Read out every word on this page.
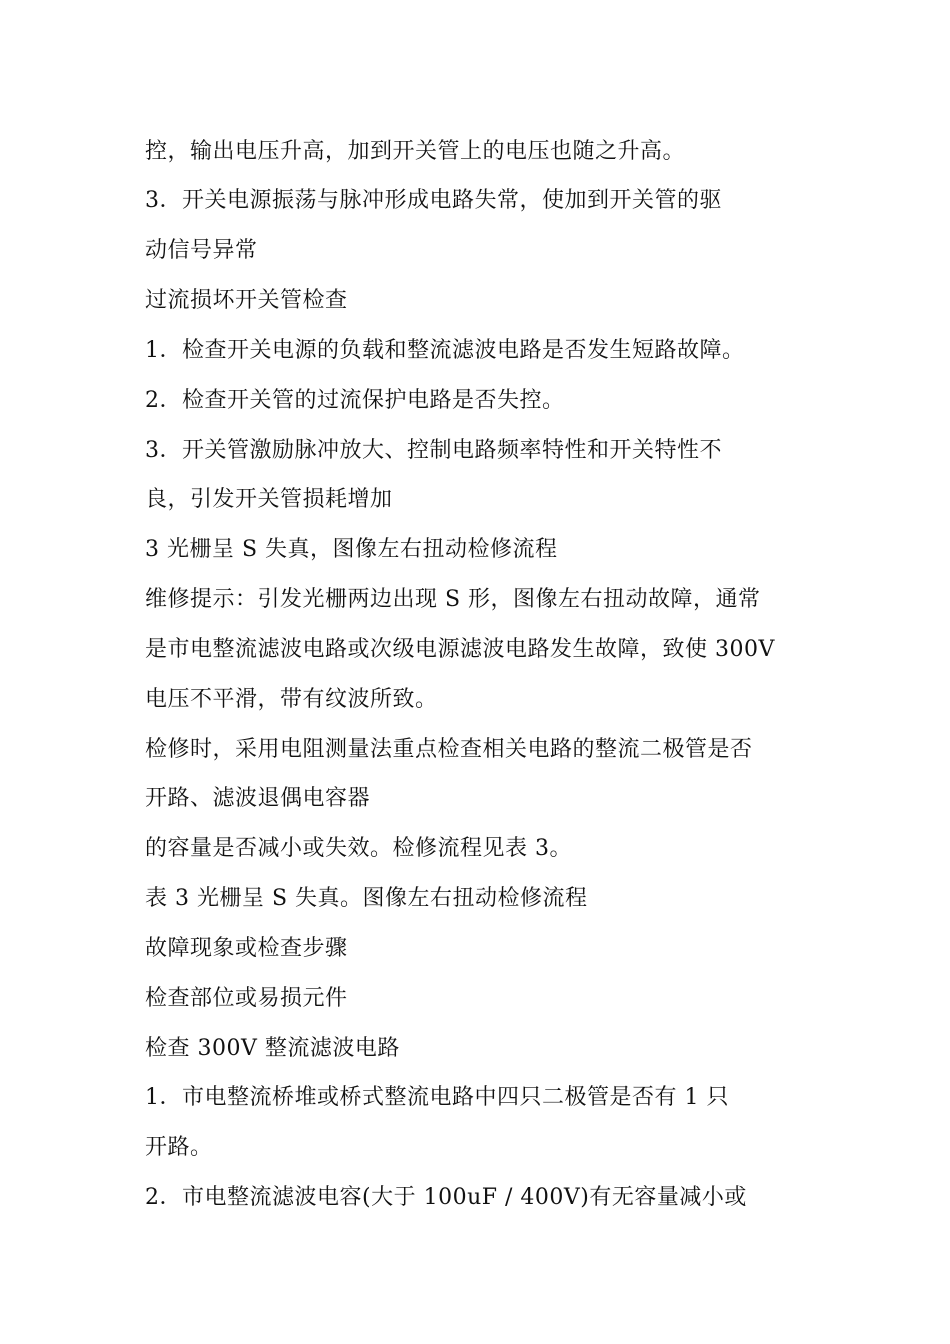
控，输出电压升高，加到开关管上的电压也随之升高。

3．开关电源振荡与脉冲形成电路失常，使加到开关管的驱

动信号异常

过流损坏开关管检查

1．检查开关电源的负载和整流滤波电路是否发生短路故障。

2．检查开关管的过流保护电路是否失控。

3．开关管激励脉冲放大、控制电路频率特性和开关特性不

良，引发开关管损耗增加

3 光栅呈 S 失真，图像左右扭动检修流程

维修提示：引发光栅两边出现 S 形，图像左右扭动故障，通常

是市电整流滤波电路或次级电源滤波电路发生故障，致使 300V

电压不平滑，带有纹波所致。

检修时，采用电阻测量法重点检查相关电路的整流二极管是否

开路、滤波退偶电容器

的容量是否减小或失效。检修流程见表 3。

表 3 光栅呈 S 失真。图像左右扭动检修流程

故障现象或检查步骤

检查部位或易损元件

检查 300V 整流滤波电路

1．市电整流桥堆或桥式整流电路中四只二极管是否有 1 只

开路。

2．市电整流滤波电容(大于 100uF / 400V)有无容量减小或
